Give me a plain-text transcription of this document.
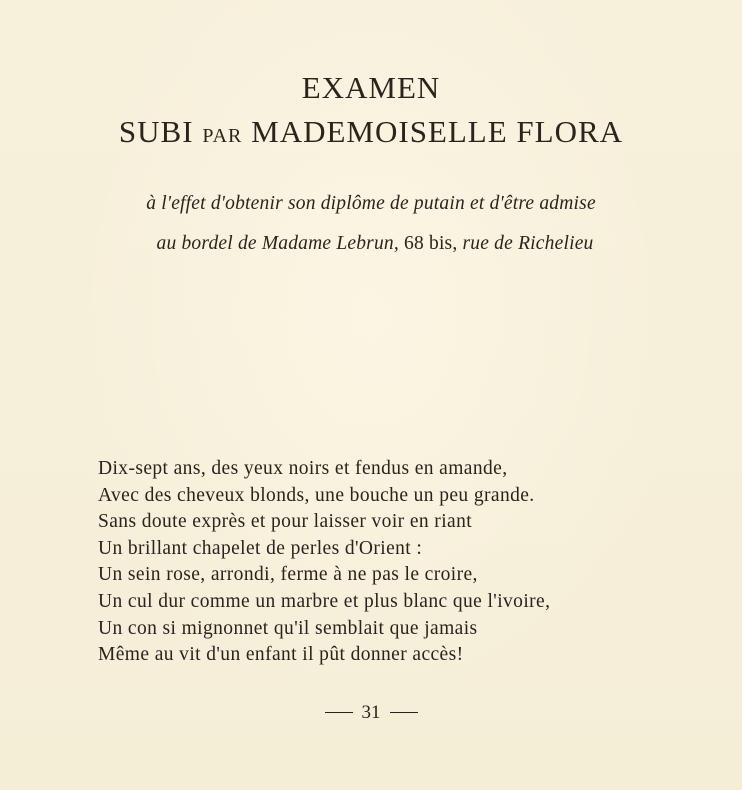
EXAMEN
SUBI PAR MADEMOISELLE FLORA
à l'effet d'obtenir son diplôme de putain et d'être admise
au bordel de Madame Lebrun, 68 bis, rue de Richelieu
Dix-sept ans, des yeux noirs et fendus en amande,
Avec des cheveux blonds, une bouche un peu grande.
Sans doute exprès et pour laisser voir en riant
Un brillant chapelet de perles d'Orient :
Un sein rose, arrondi, ferme à ne pas le croire,
Un cul dur comme un marbre et plus blanc que l'ivoire,
Un con si mignonnet qu'il semblait que jamais
Même au vit d'un enfant il pût donner accès!
31
